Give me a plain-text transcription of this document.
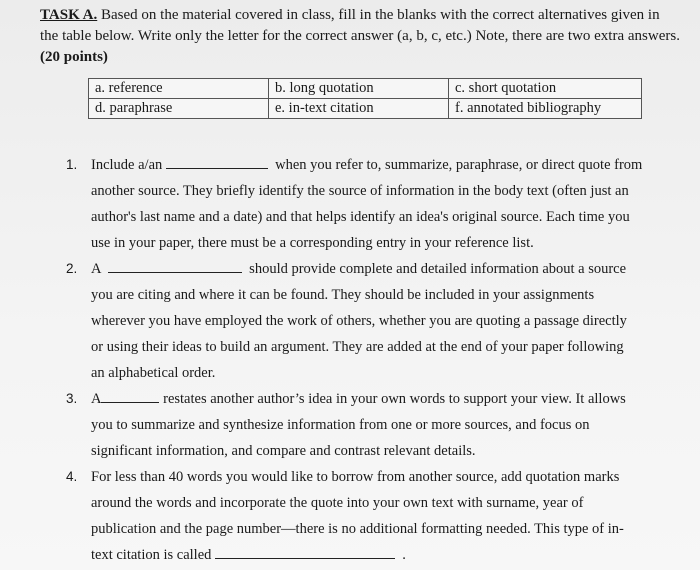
TASK A. Based on the material covered in class, fill in the blanks with the correct alternatives given in the table below. Write only the letter for the correct answer (a, b, c, etc.) Note, there are two extra answers. (20 points)
a. reference	b. long quotation	c. short quotation
d. paraphrase	e. in-text citation	f. annotated bibliography
1. Include a/an	when you refer to, summarize, paraphrase, or direct quote from
another source. They briefly identify the source of information in the body text (often just an
author's last name and a date) and that helps identify an idea's original source. Each time you
use in your paper, there must be a corresponding entry in your reference list.
2. A	should provide complete and detailed information about a source
you are citing and where it can be found. They should be included in your assignments
wherever you have employed the work of others, whether you are quoting a passage directly
or using their ideas to build an argument. They are added at the end of your paper following
an alphabetical order.
3. A	restates another author’s idea in your own words to support your view. It allows
you to summarize and synthesize information from one or more sources, and focus on
significant information, and compare and contrast relevant details.
4. For less than 40 words you would like to borrow from another source, add quotation marks
around the words and incorporate the quote into your own text with surname, year of
publication and the page number—there is no additional formatting needed. This type of in-
text citation is called	.
